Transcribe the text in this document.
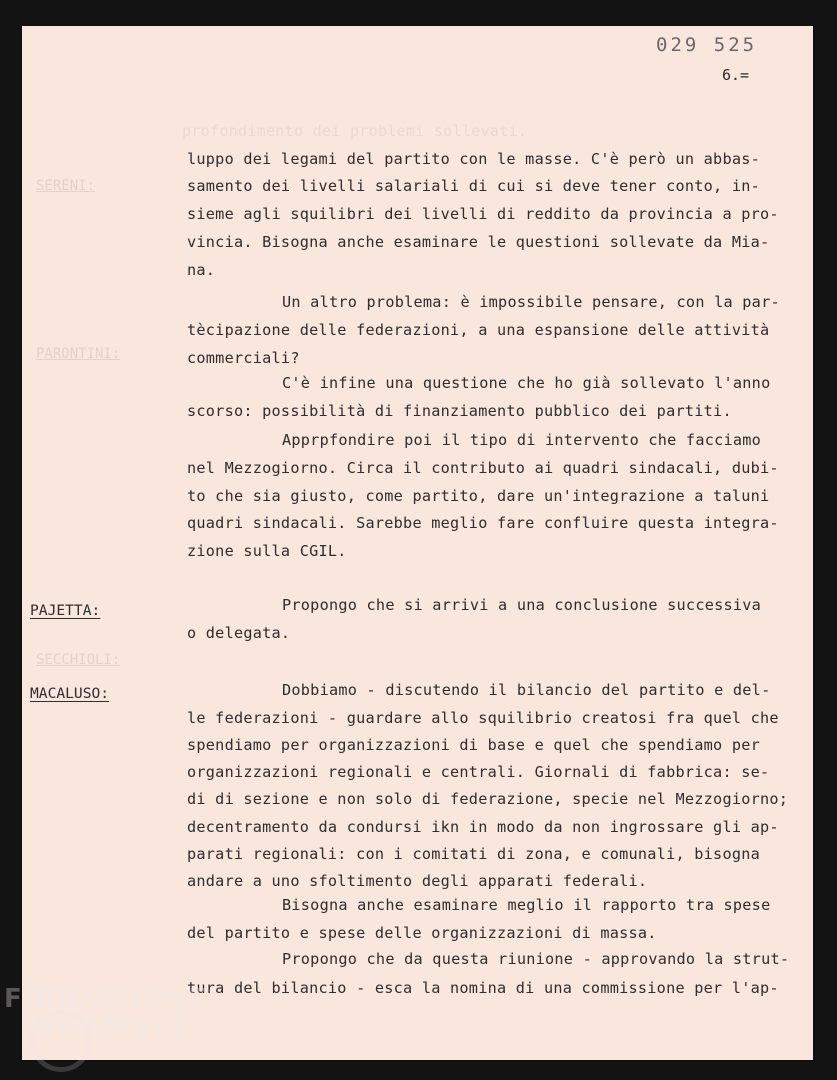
profondimento dei problemi sollevati.
SERENI:
PARONTINI:
SECCHIOLI:
029 525
6.=
luppo dei legami del partito con le masse. C'è però un abbas-
samento dei livelli salariali di cui si deve tener conto, in-
sieme agli squilibri dei livelli di reddito da provincia a pro-
vincia. Bisogna anche esaminare le questioni sollevate da Mia-
na.
Un altro problema: è impossibile pensare, con la par-
tècipazione delle federazioni, a una espansione delle attività
commerciali?
C'è infine una questione che ho già sollevato l'anno
scorso: possibilità di finanziamento pubblico dei partiti.
Apprpfondire poi il tipo di intervento che facciamo
nel Mezzogiorno. Circa il contributo ai quadri sindacali, dubi-
to che sia giusto, come partito, dare un'integrazione a taluni
quadri sindacali. Sarebbe meglio fare confluire questa integra-
zione sulla CGIL.
PAJETTA:	Propongo che si arrivi a una conclusione successiva
o delegata.
MACALUSO:	Dobbiamo - discutendo il bilancio del partito e del-
le federazioni - guardare allo squilibrio creatosi fra quel che
spendiamo per organizzazioni di base e quel che spendiamo per
organizzazioni regionali e centrali. Giornali di fabbrica: se-
di di sezione e non solo di federazione, specie nel Mezzogiorno;
decentramento da condursi ikn in modo da non ingrossare gli ap-
parati regionali: con i comitati di zona, e comunali, bisogna
andare a uno sfoltimento degli apparati federali.
Bisogna anche esaminare meglio il rapporto tra spese
del partito e spese delle organizzazioni di massa.
Propongo che da questa riunione - approvando la strut-
tura del bilancio - esca la nomina di una commissione per l'ap-
FONDAZIONE
GRAMSCI
